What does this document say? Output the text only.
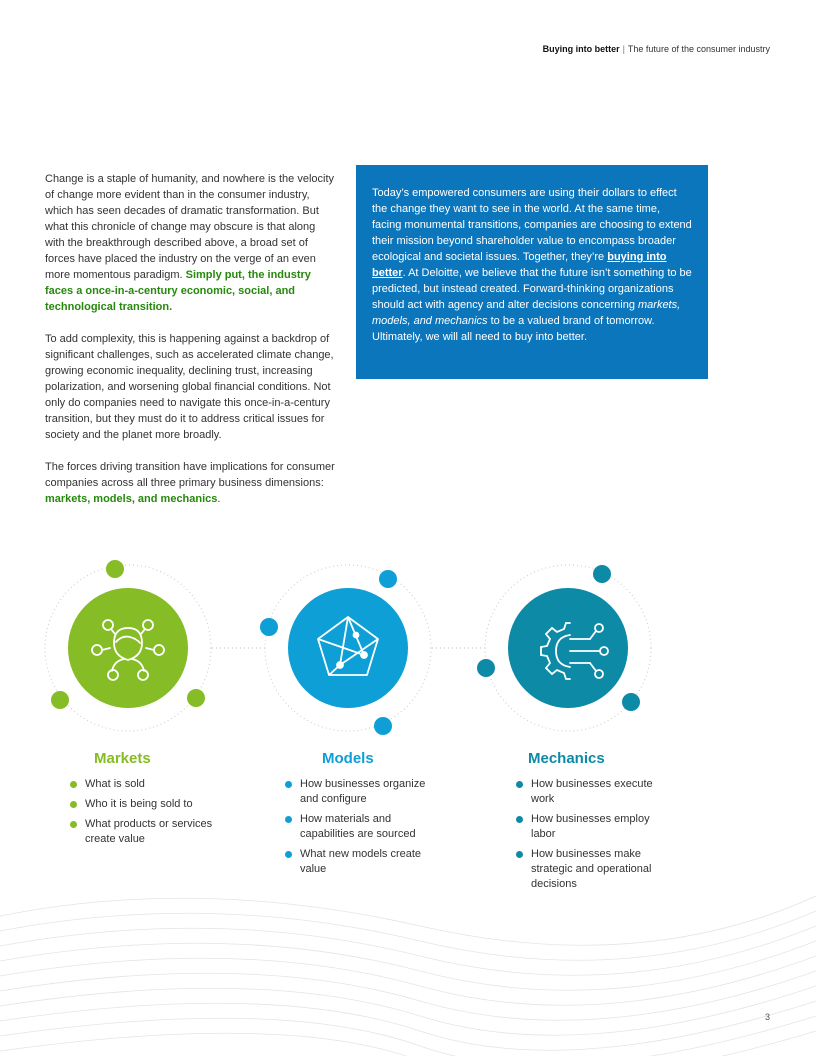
Buying into better | The future of the consumer industry

Change is a staple of humanity, and nowhere is the velocity of change more evident than in the consumer industry, which has seen decades of dramatic transformation. But what this chronicle of change may obscure is that along with the breakthrough described above, a broad set of forces have placed the industry on the verge of an even more momentous paradigm. Simply put, the industry faces a once-in-a-century economic, social, and technological transition.

To add complexity, this is happening against a backdrop of significant challenges, such as accelerated climate change, growing economic inequality, declining trust, increasing polarization, and worsening global financial conditions. Not only do companies need to navigate this once-in-a-century transition, but they must do it to address critical issues for society and the planet more broadly.

The forces driving transition have implications for consumer companies across all three primary business dimensions: markets, models, and mechanics.

Today’s empowered consumers are using their dollars to effect the change they want to see in the world. At the same time, facing monumental transitions, companies are choosing to extend their mission beyond shareholder value to encompass broader ecological and societal issues. Together, they’re buying into better. At Deloitte, we believe that the future isn’t something to be predicted, but instead created. Forward-thinking organizations should act with agency and alter decisions concerning markets, models, and mechanics to be a valued brand of tomorrow. Ultimately, we will all need to buy into better.
Markets
What is sold
Who it is being sold to
What products or services create value
Models
How businesses organize and configure
How materials and capabilities are sourced
What new models create value
Mechanics
How businesses execute work
How businesses employ labor
How businesses make strategic and operational decisions
3
